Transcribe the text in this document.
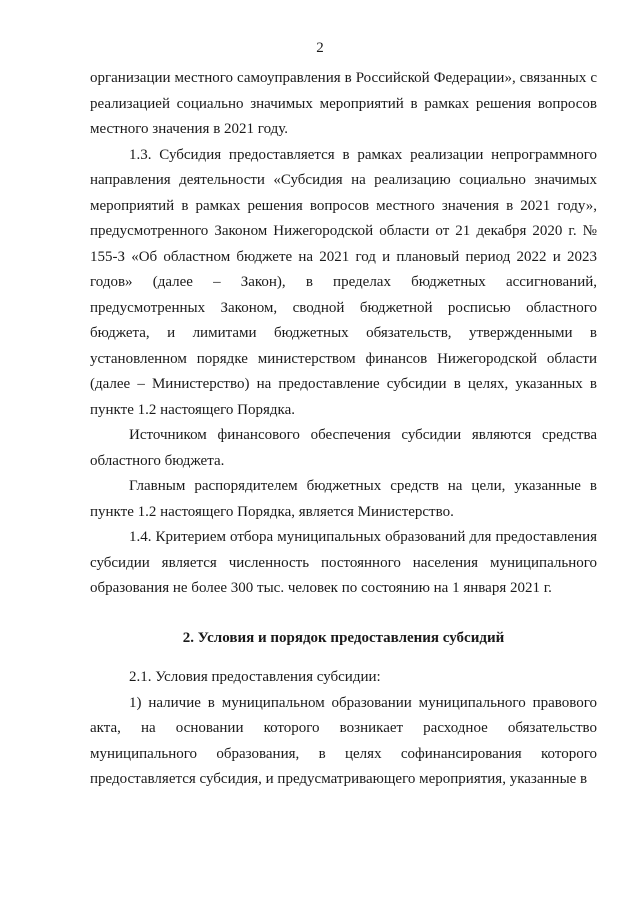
2

организации местного самоуправления в Российской Федерации», связанных с реализацией социально значимых мероприятий в рамках решения вопросов местного значения в 2021 году.

1.3. Субсидия предоставляется в рамках реализации непрограммного направления деятельности «Субсидия на реализацию социально значимых мероприятий в рамках решения вопросов местного значения в 2021 году», предусмотренного Законом Нижегородской области от 21 декабря 2020 г. № 155-З «Об областном бюджете на 2021 год и плановый период 2022 и 2023 годов» (далее – Закон), в пределах бюджетных ассигнований, предусмотренных Законом, сводной бюджетной росписью областного бюджета, и лимитами бюджетных обязательств, утвержденными в установленном порядке министерством финансов Нижегородской области (далее – Министерство) на предоставление субсидии в целях, указанных в пункте 1.2 настоящего Порядка.

Источником финансового обеспечения субсидии являются средства областного бюджета.

Главным распорядителем бюджетных средств на цели, указанные в пункте 1.2 настоящего Порядка, является Министерство.

1.4. Критерием отбора муниципальных образований для предоставления субсидии является численность постоянного населения муниципального образования не более 300 тыс. человек по состоянию на 1 января 2021 г.

2. Условия и порядок предоставления субсидий

2.1. Условия предоставления субсидии:

1) наличие в муниципальном образовании муниципального правового акта, на основании которого возникает расходное обязательство муниципального образования, в целях софинансирования которого предоставляется субсидия, и предусматривающего мероприятия, указанные в
